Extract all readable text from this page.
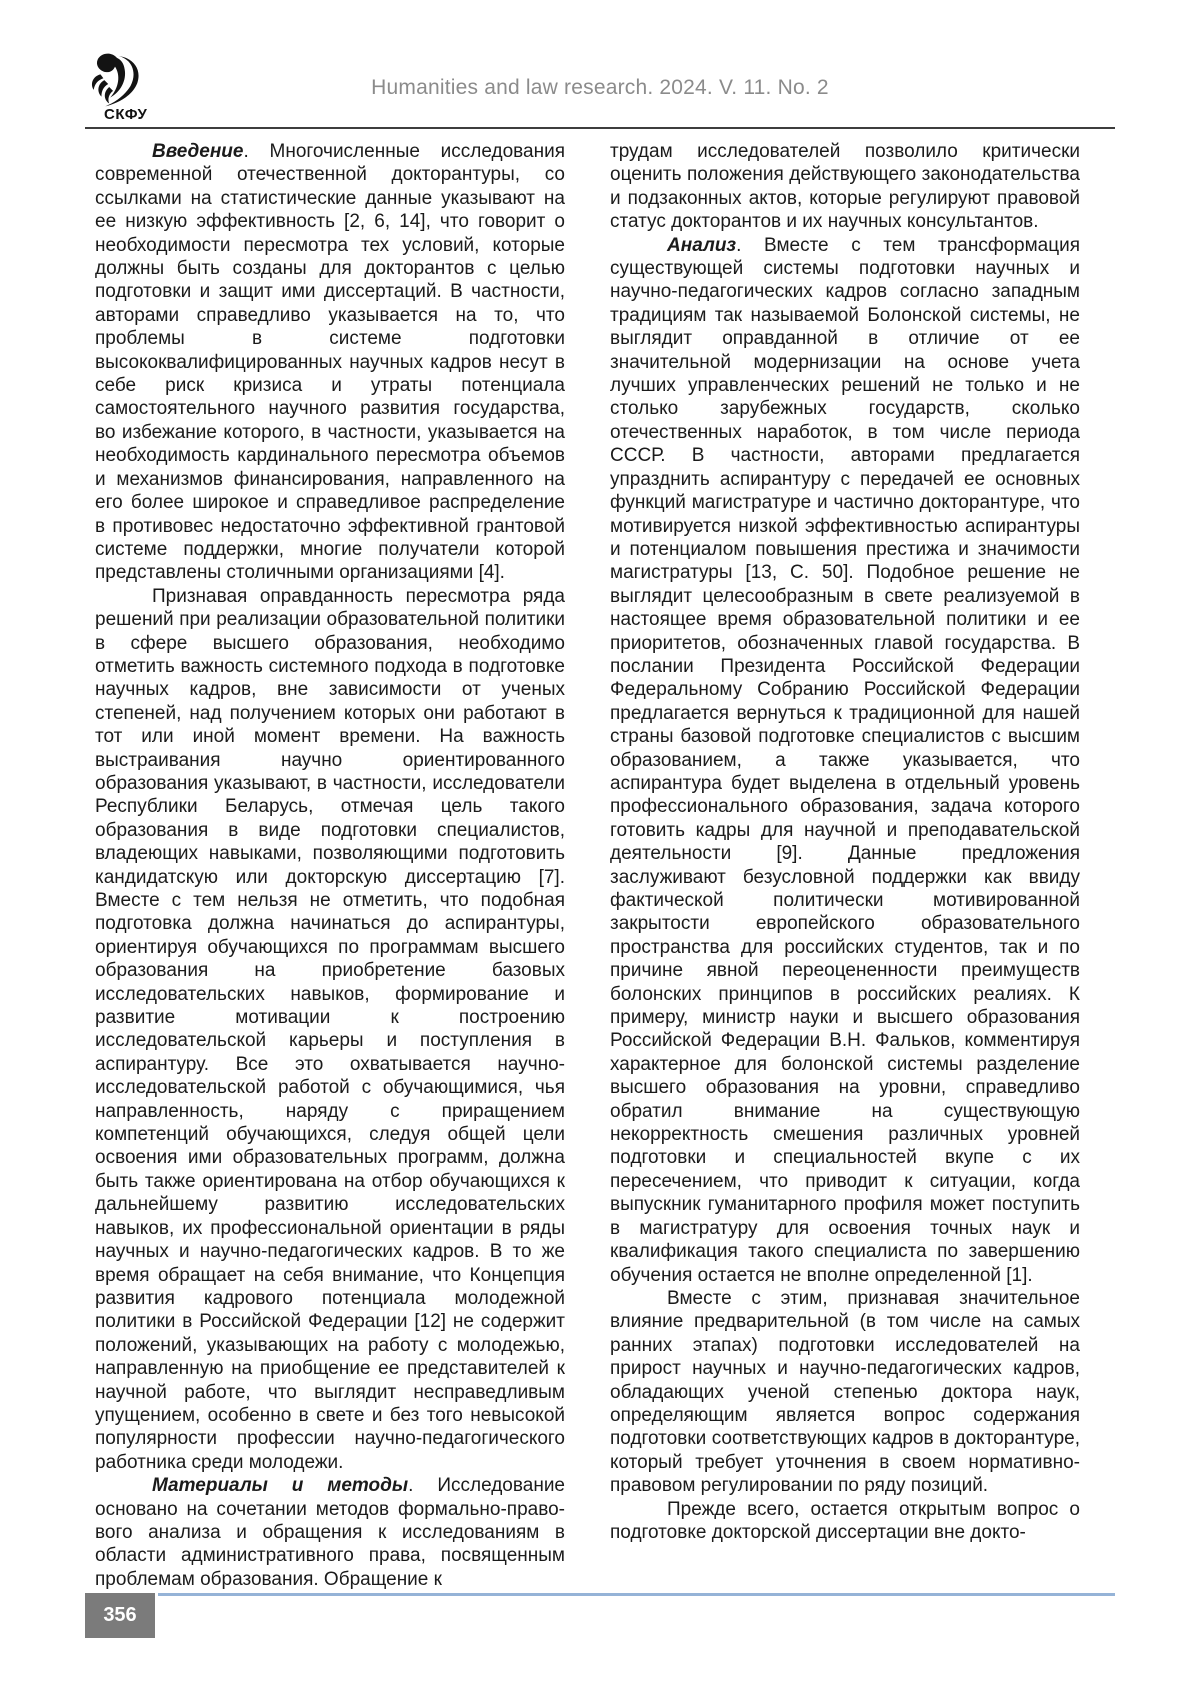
СКФУ
Humanities and law research. 2024. V. 11. No. 2

Введение. Многочисленные исследования современной отечественной докторантуры, со ссылками на статистические данные указывают на ее низкую эффективность [2, 6, 14], что говорит о необходимости пересмотра тех условий, которые должны быть созданы для докторантов с целью подготовки и защит ими диссертаций. В частности, авторами справедливо указывается на то, что проблемы в системе подготовки высококвалифицированных научных кадров несут в себе риск кризиса и утраты потенциала самостоятельного научного развития государства, во избежание которого, в частности, указывается на необходимость кардинального пересмотра объемов и механизмов финансирования, направленного на его более широкое и справедливое распределение в противовес недостаточно эффективной грантовой системе поддержки, многие получатели которой представлены столичными организациями [4].

Признавая оправданность пересмотра ряда решений при реализации образовательной политики в сфере высшего образования, необходимо отметить важность системного подхода в подготовке научных кадров, вне зависимости от ученых степеней, над получением которых они работают в тот или иной момент времени. На важность выстраивания научно ориентированного образования указывают, в частности, исследователи Республики Беларусь, отмечая цель такого образования в виде подготовки специалистов, владеющих навыками, позволяющими подготовить кандидатскую или докторскую диссертацию [7]. Вместе с тем нельзя не отметить, что подобная подготовка должна начинаться до аспирантуры, ориентируя обучающихся по программам высшего образования на приобретение базовых исследовательских навыков, формирование и развитие мотивации к построению исследовательской карьеры и поступления в аспирантуру. Все это охватывается научно-исследовательской работой с обучающимися, чья направленность, наряду с приращением компетенций обучающихся, следуя общей цели освоения ими образовательных программ, должна быть также ориентирована на отбор обучающихся к дальнейшему развитию исследовательских навыков, их профессиональной ориентации в ряды научных и научно-педагогических кадров. В то же время обращает на себя внимание, что Концепция развития кадрового потенциала молодежной политики в Российской Федерации [12] не содержит положений, указывающих на работу с молодежью, направленную на приобщение ее представителей к научной работе, что выглядит несправедливым упущением, особенно в свете и без того невысокой популярности профессии научно-педагогического работника среди молодежи.

Материалы и методы. Исследование основано на сочетании методов формально-право-вого анализа и обращения к исследованиям в области административного права, посвященным проблемам образования. Обращение к

трудам исследователей позволило критически оценить положения действующего законодательства и подзаконных актов, которые регулируют правовой статус докторантов и их научных консультантов.

Анализ. Вместе с тем трансформация существующей системы подготовки научных и научно-педагогических кадров согласно западным традициям так называемой Болонской системы, не выглядит оправданной в отличие от ее значительной модернизации на основе учета лучших управленческих решений не только и не столько зарубежных государств, сколько отечественных наработок, в том числе периода СССР. В частности, авторами предлагается упразднить аспирантуру с передачей ее основных функций магистратуре и частично докторантуре, что мотивируется низкой эффективностью аспирантуры и потенциалом повышения престижа и значимости магистратуры [13, С. 50]. Подобное решение не выглядит целесообразным в свете реализуемой в настоящее время образовательной политики и ее приоритетов, обозначенных главой государства. В послании Президента Российской Федерации Федеральному Собранию Российской Федерации предлагается вернуться к традиционной для нашей страны базовой подготовке специалистов с высшим образованием, а также указывается, что аспирантура будет выделена в отдельный уровень профессионального образования, задача которого готовить кадры для научной и преподавательской деятельности [9]. Данные предложения заслуживают безусловной поддержки как ввиду фактической политически мотивированной закрытости европейского образовательного пространства для российских студентов, так и по причине явной переоцененности преимуществ болонских принципов в российских реалиях. К примеру, министр науки и высшего образования Российской Федерации В.Н. Фальков, комментируя характерное для болонской системы разделение высшего образования на уровни, справедливо обратил внимание на существующую некорректность смешения различных уровней подготовки и специальностей вкупе с их пересечением, что приводит к ситуации, когда выпускник гуманитарного профиля может поступить в магистратуру для освоения точных наук и квалификация такого специалиста по завершению обучения остается не вполне определенной [1].

Вместе с этим, признавая значительное влияние предварительной (в том числе на самых ранних этапах) подготовки исследователей на прирост научных и научно-педагогических кадров, обладающих ученой степенью доктора наук, определяющим является вопрос содержания подготовки соответствующих кадров в докторантуре, который требует уточнения в своем нормативно-правовом регулировании по ряду позиций.

Прежде всего, остается открытым вопрос о подготовке докторской диссертации вне докто-

356
